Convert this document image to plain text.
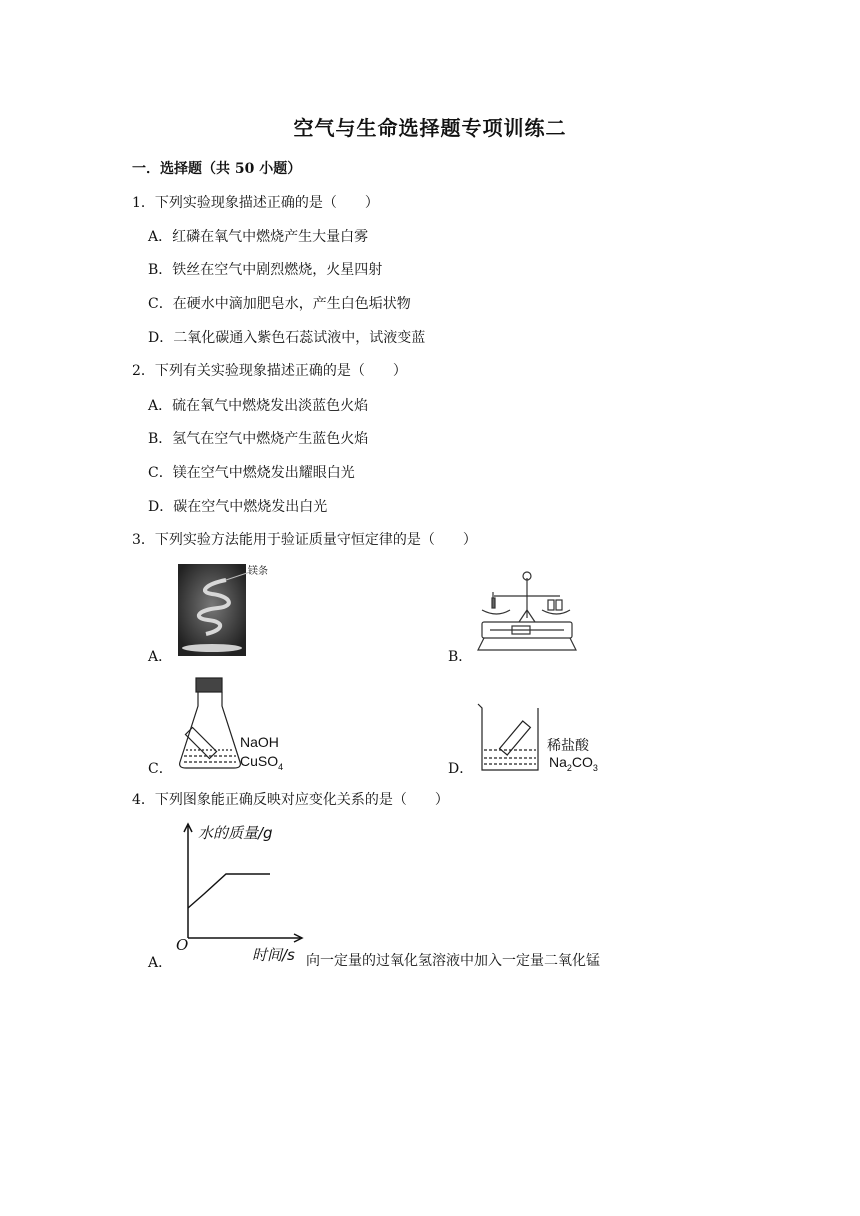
空气与生命选择题专项训练二
一．选择题（共 50 小题）
1．下列实验现象描述正确的是（　　）
A．红磷在氧气中燃烧产生大量白雾
B．铁丝在空气中剧烈燃烧，火星四射
C．在硬水中滴加肥皂水，产生白色垢状物
D．二氧化碳通入紫色石蕊试液中，试液变蓝
2．下列有关实验现象描述正确的是（　　）
A．硫在氧气中燃烧发出淡蓝色火焰
B．氢气在空气中燃烧产生蓝色火焰
C．镁在空气中燃烧发出耀眼白光
D．碳在空气中燃烧发出白光
3．下列实验方法能用于验证质量守恒定律的是（　　）
A．
镁条
B．
C．
NaOH
CuSO$_4$	D．
稀盐酸
$Na_2CO_3$
4．下列图象能正确反映对应变化关系的是（　　）
A．
水的质量/g
O
时间/s 向一定量的过氧化氢溶液中加入一定量二氧化锰
